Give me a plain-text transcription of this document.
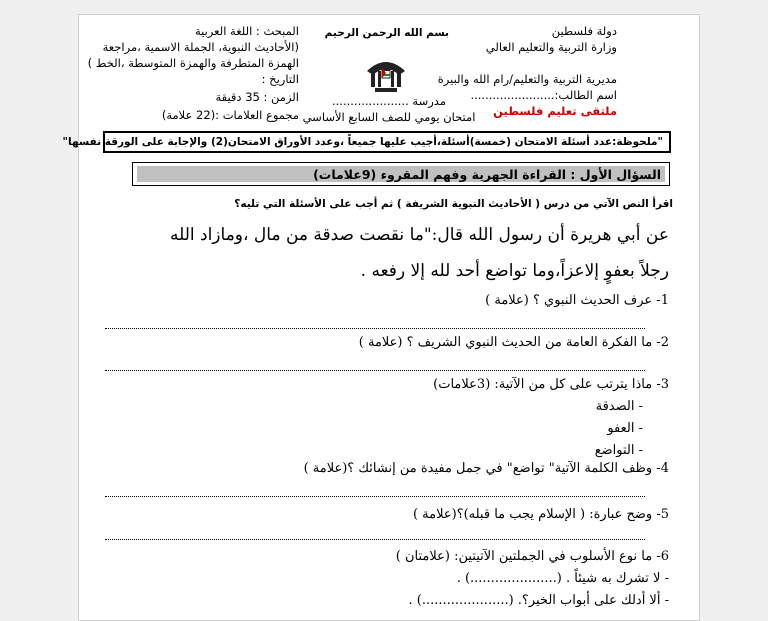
دولة فلسطين
وزارة التربية والتعليم العالي
مديرية التربية والتعليم/رام الله والبيرة
اسم الطالب:.......................
ملتقى تعليم فلسطين
بسم الله الرحمن الرحيم
مدرسة .....................
امتحان يومي للصف السابع الأساسي
المبحث : اللغة العربية
(الأحاديث النبوية، الجملة الاسمية ،مراجعة
الهمزة المتطرفة والهمزة المتوسطة ،الخط )
التاريخ :
الزمن : 35 دقيقة
مجموع العلامات :(22 علامة)
"ملحوظة:عدد أسئلة الامتحان (خمسة)أسئلة،أجيب عليها جميعاً ،وعدد الأوراق الامتحان(2) والإجابة على الورقة نفسها"
السؤال الأول : القراءة الجهرية وفهم المقروء (9علامات)
اقرأ النص الآتي من درس ( الأحاديث النبوية الشريفة ) ثم أجب على الأسئلة التي تليه؟
عن أبي هريرة أن رسول الله قال:"ما نقصت صدقة من مال ،ومازاد الله
رجلاً بعفوٍ إلاعزاً،وما تواضع أحد لله إلا رفعه .
1- عرف الحديث النبوي ؟ (علامة )
2- ما الفكرة العامة من الحديث النبوي الشريف ؟ (علامة )
3- ماذا يترتب على كل من الآتية: (3علامات)
- الصدقة
- العفو
- التواضع
4- وظف الكلمة الآتية" تواضع" في جمل مفيدة من إنشائك ؟(علامة )
5- وضح عبارة: ( الإسلام يجب ما قبله)؟(علامة )
6- ما نوع الأسلوب في الجملتين الآتيتين: (علامتان )
- لا تشرك به شيئاً . (.....................) .
- ألا أدلك على أبواب الخير؟. (.....................) .
